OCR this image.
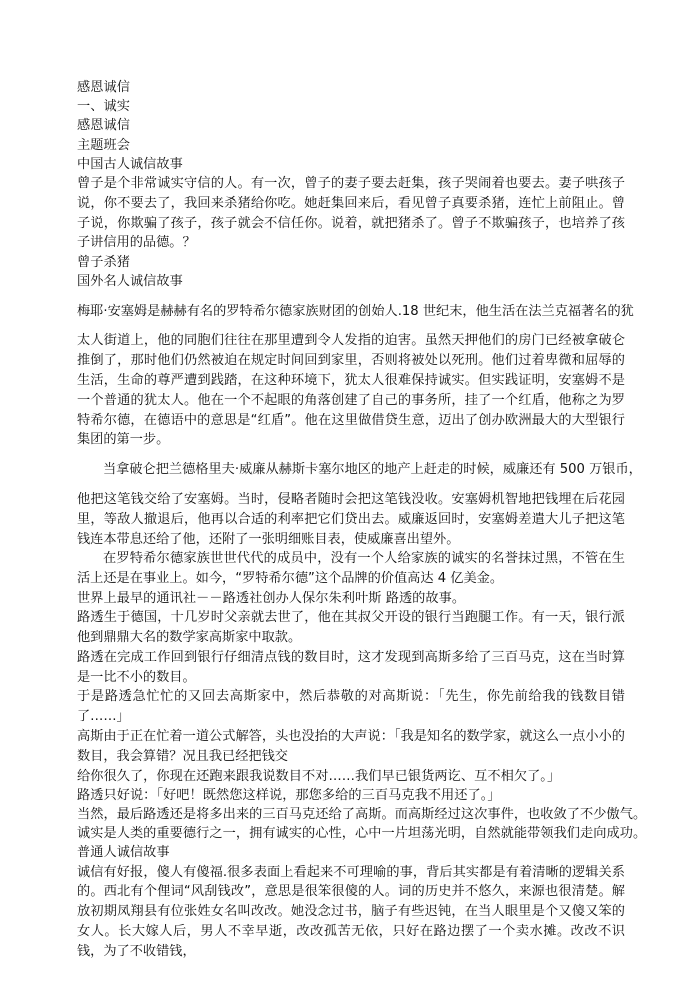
感恩诚信
一、诚实
感恩诚信
主题班会
中国古人诚信故事
曾子是个非常诚实守信的人。有一次，曾子的妻子要去赶集，孩子哭闹着也要去。妻子哄孩子说，你不要去了，我回来杀猪给你吃。她赶集回来后，看见曾子真要杀猪，连忙上前阻止。曾子说，你欺骗了孩子，孩子就会不信任你。说着，就把猪杀了。曾子不欺骗孩子，也培养了孩子讲信用的品德。？
曾子杀猪
国外名人诚信故事
梅耶·安塞姆是赫赫有名的罗特希尔德家族财团的创始人.18 世纪末，他生活在法兰克福著名的犹
太人街道上，他的同胞们往往在那里遭到令人发指的迫害。虽然天押他们的房门已经被拿破仑推倒了，那时他们仍然被迫在规定时间回到家里，否则将被处以死刑。他们过着卑微和屈辱的生活，生命的尊严遭到践踏，在这种环境下，犹太人很难保持诚实。但实践证明，安塞姆不是一个普通的犹太人。他在一个不起眼的角落创建了自己的事务所，挂了一个红盾，他称之为罗特希尔德，在德语中的意思是“红盾”。他在这里做借贷生意，迈出了创办欧洲最大的大型银行集团的第一步。
当拿破仑把兰德格里夫·威廉从赫斯卡塞尔地区的地产上赶走的时候，威廉还有 500 万银币，
他把这笔钱交给了安塞姆。当时，侵略者随时会把这笔钱没收。安塞姆机智地把钱埋在后花园里，等敌人撤退后，他再以合适的利率把它们贷出去。威廉返回时，安塞姆差遣大儿子把这笔钱连本带息还给了他，还附了一张明细账目表，使威廉喜出望外。
在罗特希尔德家族世世代代的成员中，没有一个人给家族的诚实的名誉抹过黑，不管在生活上还是在事业上。如今，“罗特希尔德”这个品牌的价值高达 4 亿美金。
世界上最早的通讯社－－路透社创办人保尔朱利叶斯 路透的故事。
路透生于德国，十几岁时父亲就去世了，他在其叔父开设的银行当跑腿工作。有一天，银行派他到鼎鼎大名的数学家高斯家中取款。
路透在完成工作回到银行仔细清点钱的数目时，这才发现到高斯多给了三百马克，这在当时算是一比不小的数目。
于是路透急忙忙的又回去高斯家中，然后恭敬的对高斯说：「先生，你先前给我的钱数目错了……」
高斯由于正在忙着一道公式解答，头也没抬的大声说：「我是知名的数学家，就这么一点小小的数目，我会算错？况且我已经把钱交
给你很久了，你现在还跑来跟我说数目不对……我们早已银货两讫、互不相欠了。」
路透只好说：「好吧！既然您这样说，那您多给的三百马克我不用还了。」
当然，最后路透还是将多出来的三百马克还给了高斯。而高斯经过这次事件，也收敛了不少傲气。
诚实是人类的重要德行之一，拥有诚实的心性，心中一片坦荡光明，自然就能带领我们走向成功。
普通人诚信故事
诚信有好报，傻人有傻福.很多表面上看起来不可理喻的事，背后其实都是有着清晰的逻辑关系的。西北有个俚词“风刮钱改”，意思是很笨很傻的人。词的历史并不悠久，来源也很清楚。解放初期凤翔县有位张姓女名叫改改。她没念过书，脑子有些迟钝，在当人眼里是个又傻又笨的女人。长大嫁人后，男人不幸早逝，改改孤苦无依，只好在路边摆了一个卖水摊。改改不识钱，为了不收错钱，
